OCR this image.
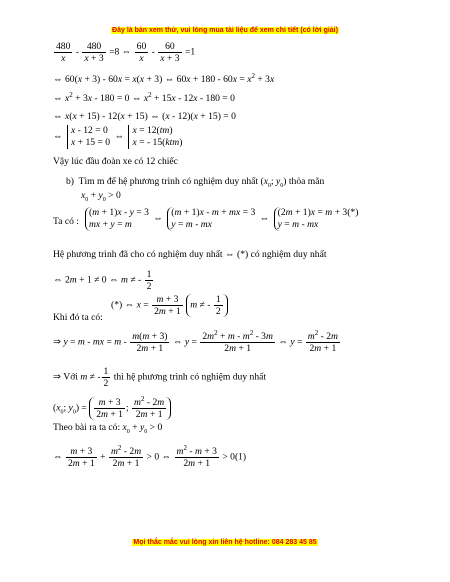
Đây là bản xem thử, vui lòng mua tài liệu để xem chi tiết (có lời giải)
$\frac{480}{x} - \frac{480}{x + 3} =8$ ⇔ $\frac{60}{x} - \frac{60}{x + 3} =1$
⇔ 60(x + 3) - 60x = x(x + 3) ⇔ $60x + 180 - 60x = x^2 + 3x$
⇔ $x^2 + 3x - 180 = 0$ ⇔ $x^2 + 15x - 12x - 180 = 0$
⇔ x(x + 15) - 12(x + 15) ⇔ (x - 12)(x + 15) = 0
⇔
x - 12 = 0
x + 15 = 0
⇔
x = 12(tm)
x = - 15(ktm)
Vậy lúc đầu đoàn xe có 12 chiếc
b) Tìm m để hệ phương trình có nghiệm duy nhất ($x_0$; $y_0$) thỏa mãn
$x_0 + y_0 > 0$
Ta có :
(m + 1)x - y = 3
mx + y = m
⇔
(m + 1)x - m + mx = 3
y = m - mx
⇔
(2m + 1)x = m + 3(*)
y = m - mx
Hệ phương trình đã cho có nghiệm duy nhất ⇔ (*) có nghiệm duy nhất
⇔ 2m + 1 ≠ 0 ⇔ m ≠ - $\frac{1}{2}$
(*) ⇔ $x = \frac{m + 3}{2m + 1}$ m ≠ - $\frac{1}{2}$
Khi đó ta có:
⇒ y = m - mx = m - $\frac{m(m + 3)}{2m + 1}$ ⇔ $y = \frac{2m^2 + m - m^2 - 3m}{2m + 1}$ ⇔ $y = \frac{m^2 - 2m}{2m + 1}$
⇒ Với m ≠ - $\frac{1}{2}$ thì hệ phương trình có nghiệm duy nhất
($x_0$; $y_0) = \frac{m + 3}{2m + 1}$ ; $\frac{m^2 - 2m}{2m + 1}$
Theo bài ra ta có: $x_0 + y_0 > 0$
⇔ $\frac{m + 3}{2m + 1} + \frac{m^2 - 2m}{2m + 1} > 0$ ⇔ $\frac{m^2 - m + 3}{2m + 1} > 0(1)$
Mọi thắc mắc vui lòng xin liên hệ hotline: 084 283 45 85
